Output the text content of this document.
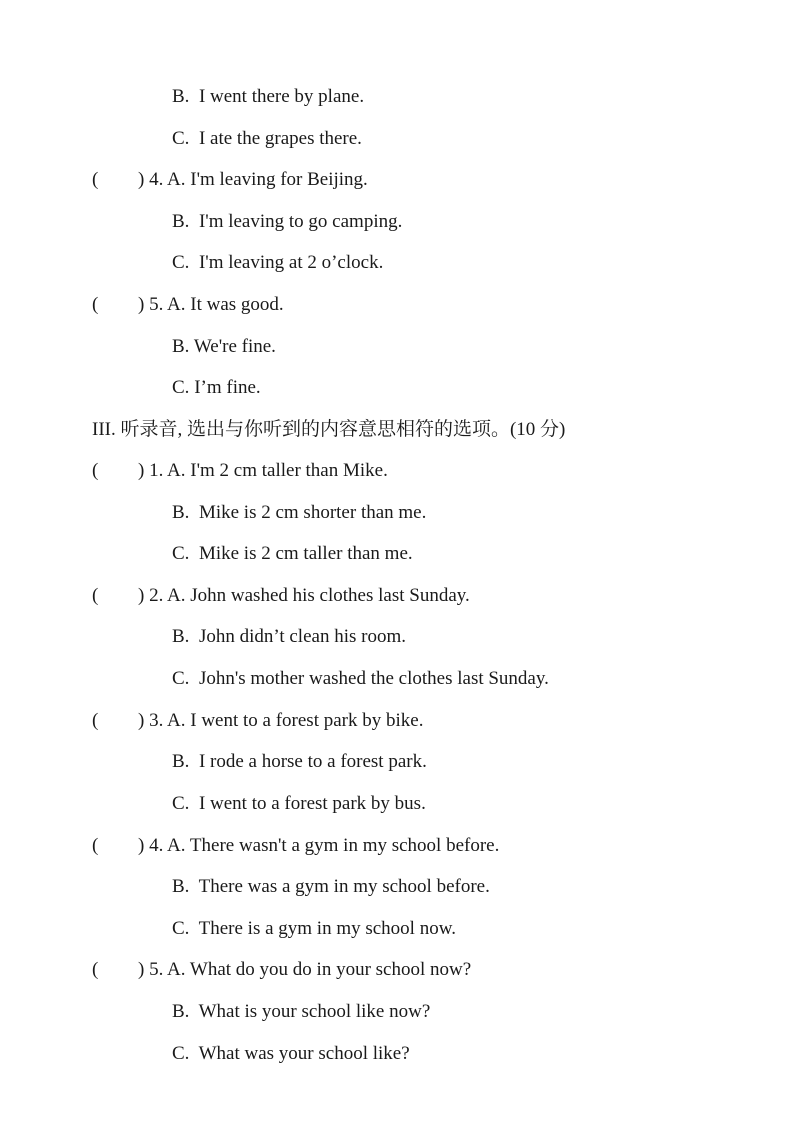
B. I went there by plane.
C. I ate the grapes there.
( ) 4. A. I'm leaving for Beijing.
B. I'm leaving to go camping.
C. I'm leaving at 2 o’clock.
( ) 5. A. It was good.
B. We're fine.
C. I’m fine.
III. 听录音, 选出与你听到的内容意思相符的选项。(10 分)
( ) 1. A. I'm 2 cm taller than Mike.
B. Mike is 2 cm shorter than me.
C. Mike is 2 cm taller than me.
( ) 2. A. John washed his clothes last Sunday.
B. John didn’t clean his room.
C. John's mother washed the clothes last Sunday.
( ) 3. A. I went to a forest park by bike.
B. I rode a horse to a forest park.
C. I went to a forest park by bus.
( ) 4. A. There wasn't a gym in my school before.
B. There was a gym in my school before.
C. There is a gym in my school now.
( ) 5. A. What do you do in your school now?
B. What is your school like now?
C. What was your school like?
